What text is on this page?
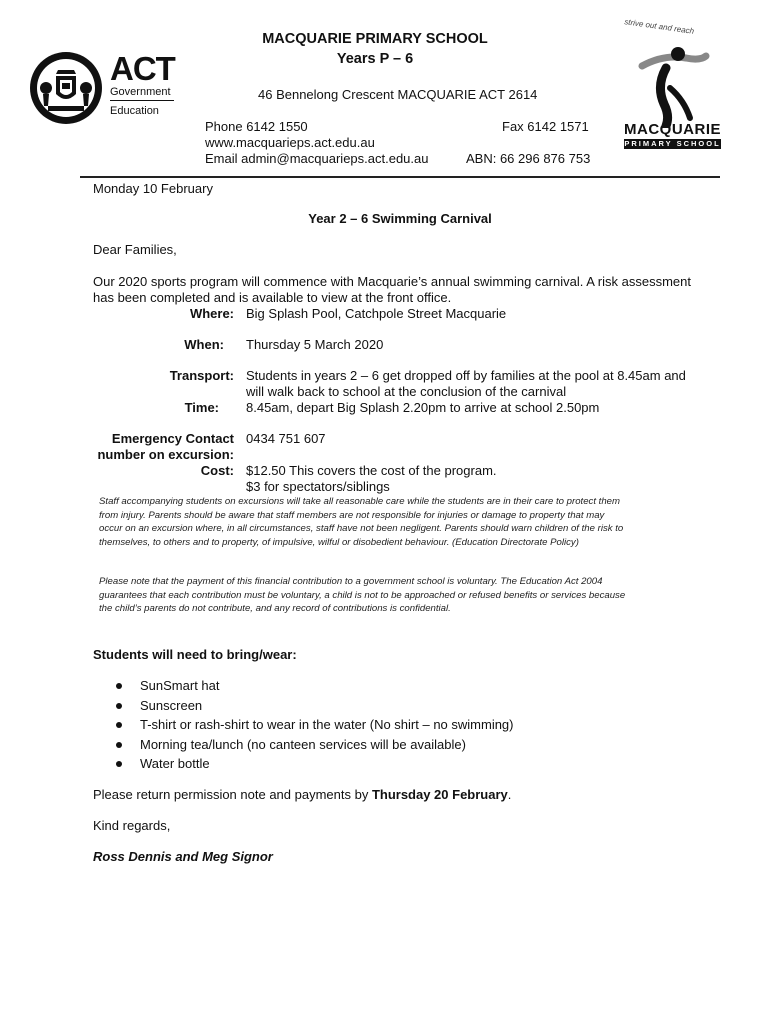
ACT
Government
Education
MACQUARIE PRIMARY SCHOOL
Years P – 6
46 Bennelong Crescent MACQUARIE ACT 2614
Phone 6142 1550	Fax 6142 1571
www.macquarieps.act.edu.au
Email admin@macquarieps.act.edu.au	ABN: 66 296 876 753
strive out and reach
MACQUARIE
PRIMARY SCHOOL
Monday 10 February
Year 2 – 6 Swimming Carnival
Dear Families,
Our 2020 sports program will commence with Macquarie’s annual swimming carnival. A risk assessment
has been completed and is available to view at the front office.
Where: Big Splash Pool, Catchpole Street Macquarie
When: Thursday 5 March 2020
Transport: Students in years 2 – 6 get dropped off by families at the pool at 8.45am and
will walk back to school at the conclusion of the carnival
Time: 8.45am, depart Big Splash 2.20pm to arrive at school 2.50pm
Emergency Contact
number on excursion:
0434 751 607
Cost: $12.50 This covers the cost of the program.
$3 for spectators/siblings
Staff accompanying students on excursions will take all reasonable care while the students are in their care to protect them
from injury. Parents should be aware that staff members are not responsible for injuries or damage to property that may
occur on an excursion where, in all circumstances, staff have not been negligent. Parents should warn children of the risk to
themselves, to others and to property, of impulsive, wilful or disobedient behaviour. (Education Directorate Policy)
Please note that the payment of this financial contribution to a government school is voluntary. The Education Act 2004
guarantees that each contribution must be voluntary, a child is not to be approached or refused benefits or services because
the child’s parents do not contribute, and any record of contributions is confidential.
Students will need to bring/wear:
SunSmart hat
Sunscreen
T-shirt or rash-shirt to wear in the water (No shirt – no swimming)
Morning tea/lunch (no canteen services will be available)
Water bottle
Please return permission note and payments by Thursday 20 February.
Kind regards,
Ross Dennis and Meg Signor
